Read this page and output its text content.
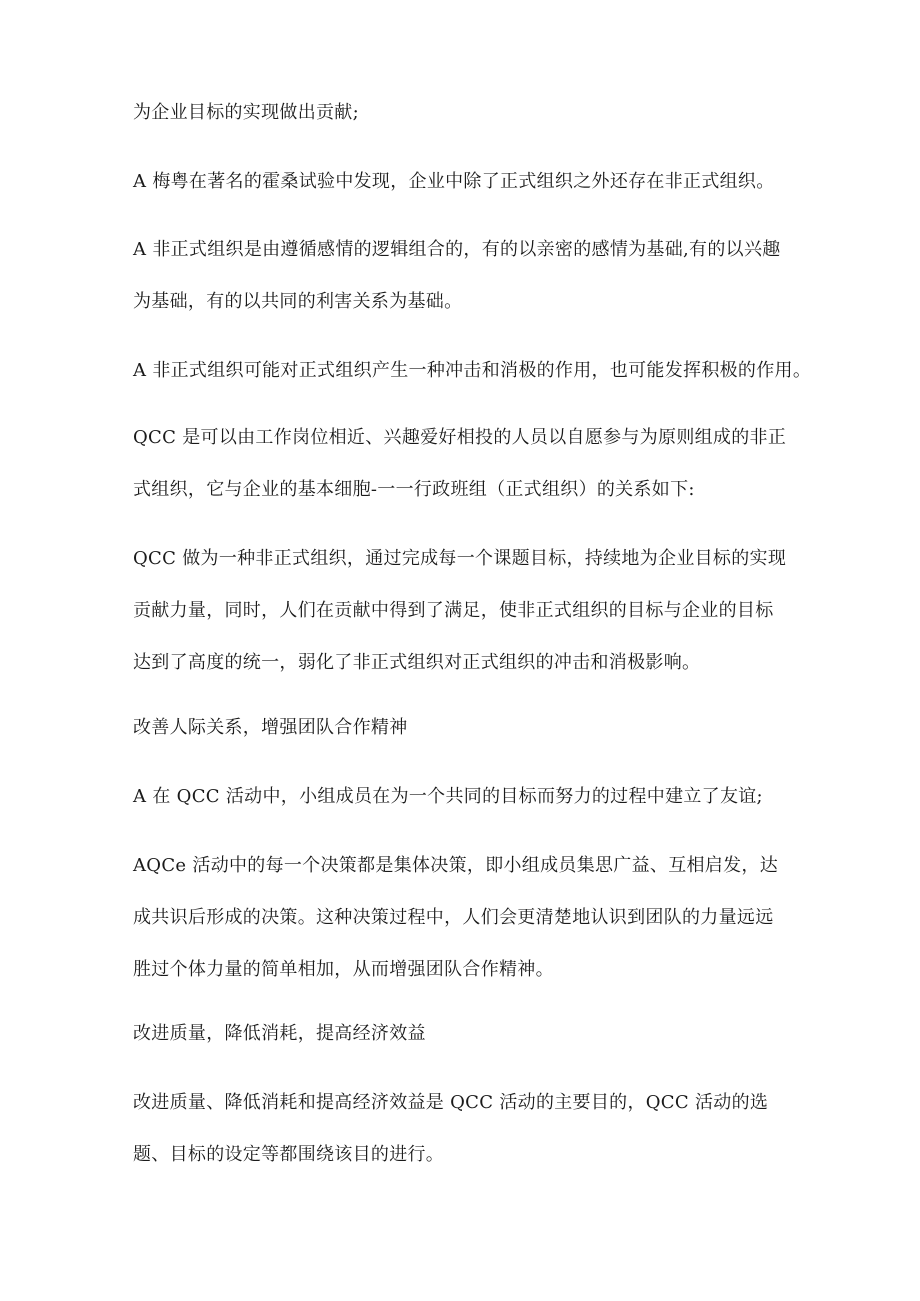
为企业目标的实现做出贡献;

A 梅粤在著名的霍桑试验中发现，企业中除了正式组织之外还存在非正式组织。

A 非正式组织是由遵循感情的逻辑组合的，有的以亲密的感情为基础,有的以兴趣
为基础，有的以共同的利害关系为基础。

A 非正式组织可能对正式组织产生一种冲击和消极的作用，也可能发挥积极的作用。

QCC 是可以由工作岗位相近、兴趣爱好相投的人员以自愿参与为原则组成的非正
式组织，它与企业的基本细胞-一一行政班组（正式组织）的关系如下:

QCC 做为一种非正式组织，通过完成每一个课题目标，持续地为企业目标的实现
贡献力量，同时，人们在贡献中得到了满足，使非正式组织的目标与企业的目标
达到了高度的统一，弱化了非正式组织对正式组织的冲击和消极影响。

改善人际关系，增强团队合作精神

A 在 QCC 活动中，小组成员在为一个共同的目标而努力的过程中建立了友谊;

AQCe 活动中的每一个决策都是集体决策，即小组成员集思广益、互相启发，达
成共识后形成的决策。这种决策过程中，人们会更清楚地认识到团队的力量远远
胜过个体力量的简单相加，从而增强团队合作精神。

改进质量，降低消耗，提高经济效益

改进质量、降低消耗和提高经济效益是 QCC 活动的主要目的，QCC 活动的选
题、目标的设定等都围绕该目的进行。
